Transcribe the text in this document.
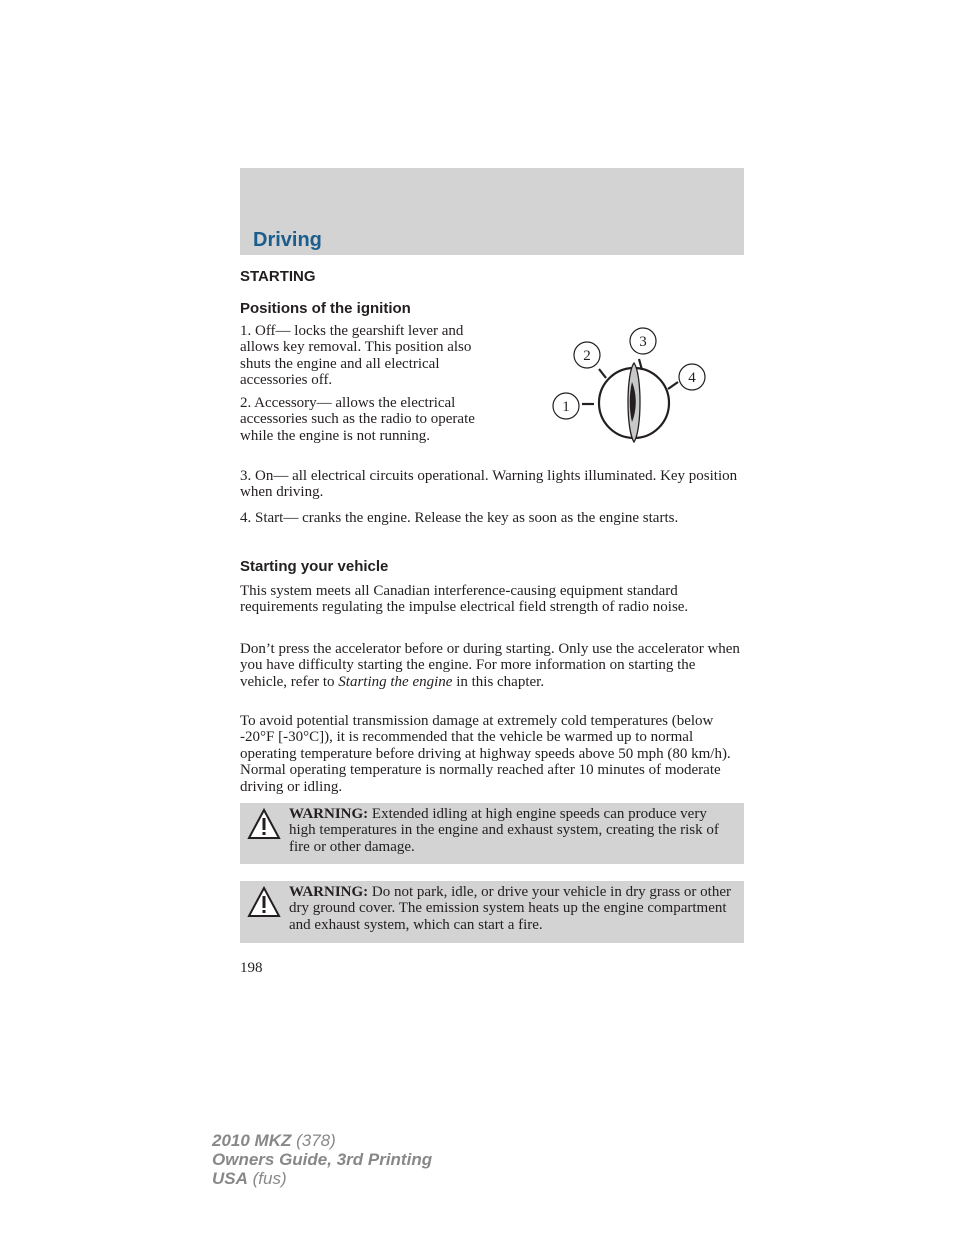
Driving
STARTING
Positions of the ignition

1. Off— locks the gearshift lever and allows key removal. This position also shuts the engine and all electrical accessories off.

2. Accessory— allows the electrical accessories such as the radio to operate while the engine is not running.

3. On— all electrical circuits operational. Warning lights illuminated. Key position when driving.

4. Start— cranks the engine. Release the key as soon as the engine starts.

1
2
3
4
Starting your vehicle

This system meets all Canadian interference-causing equipment standard requirements regulating the impulse electrical field strength of radio noise.

Don’t press the accelerator before or during starting. Only use the accelerator when you have difficulty starting the engine. For more information on starting the vehicle, refer to Starting the engine in this chapter.

To avoid potential transmission damage at extremely cold temperatures (below -20°F [-30°C]), it is recommended that the vehicle be warmed up to normal operating temperature before driving at highway speeds above 50 mph (80 km/h). Normal operating temperature is normally reached after 10 minutes of moderate driving or idling.

WARNING: Extended idling at high engine speeds can produce very high temperatures in the engine and exhaust system, creating the risk of fire or other damage.

WARNING: Do not park, idle, or drive your vehicle in dry grass or other dry ground cover. The emission system heats up the engine compartment and exhaust system, which can start a fire.

198
2010 MKZ (378)
Owners Guide, 3rd Printing
USA (fus)
